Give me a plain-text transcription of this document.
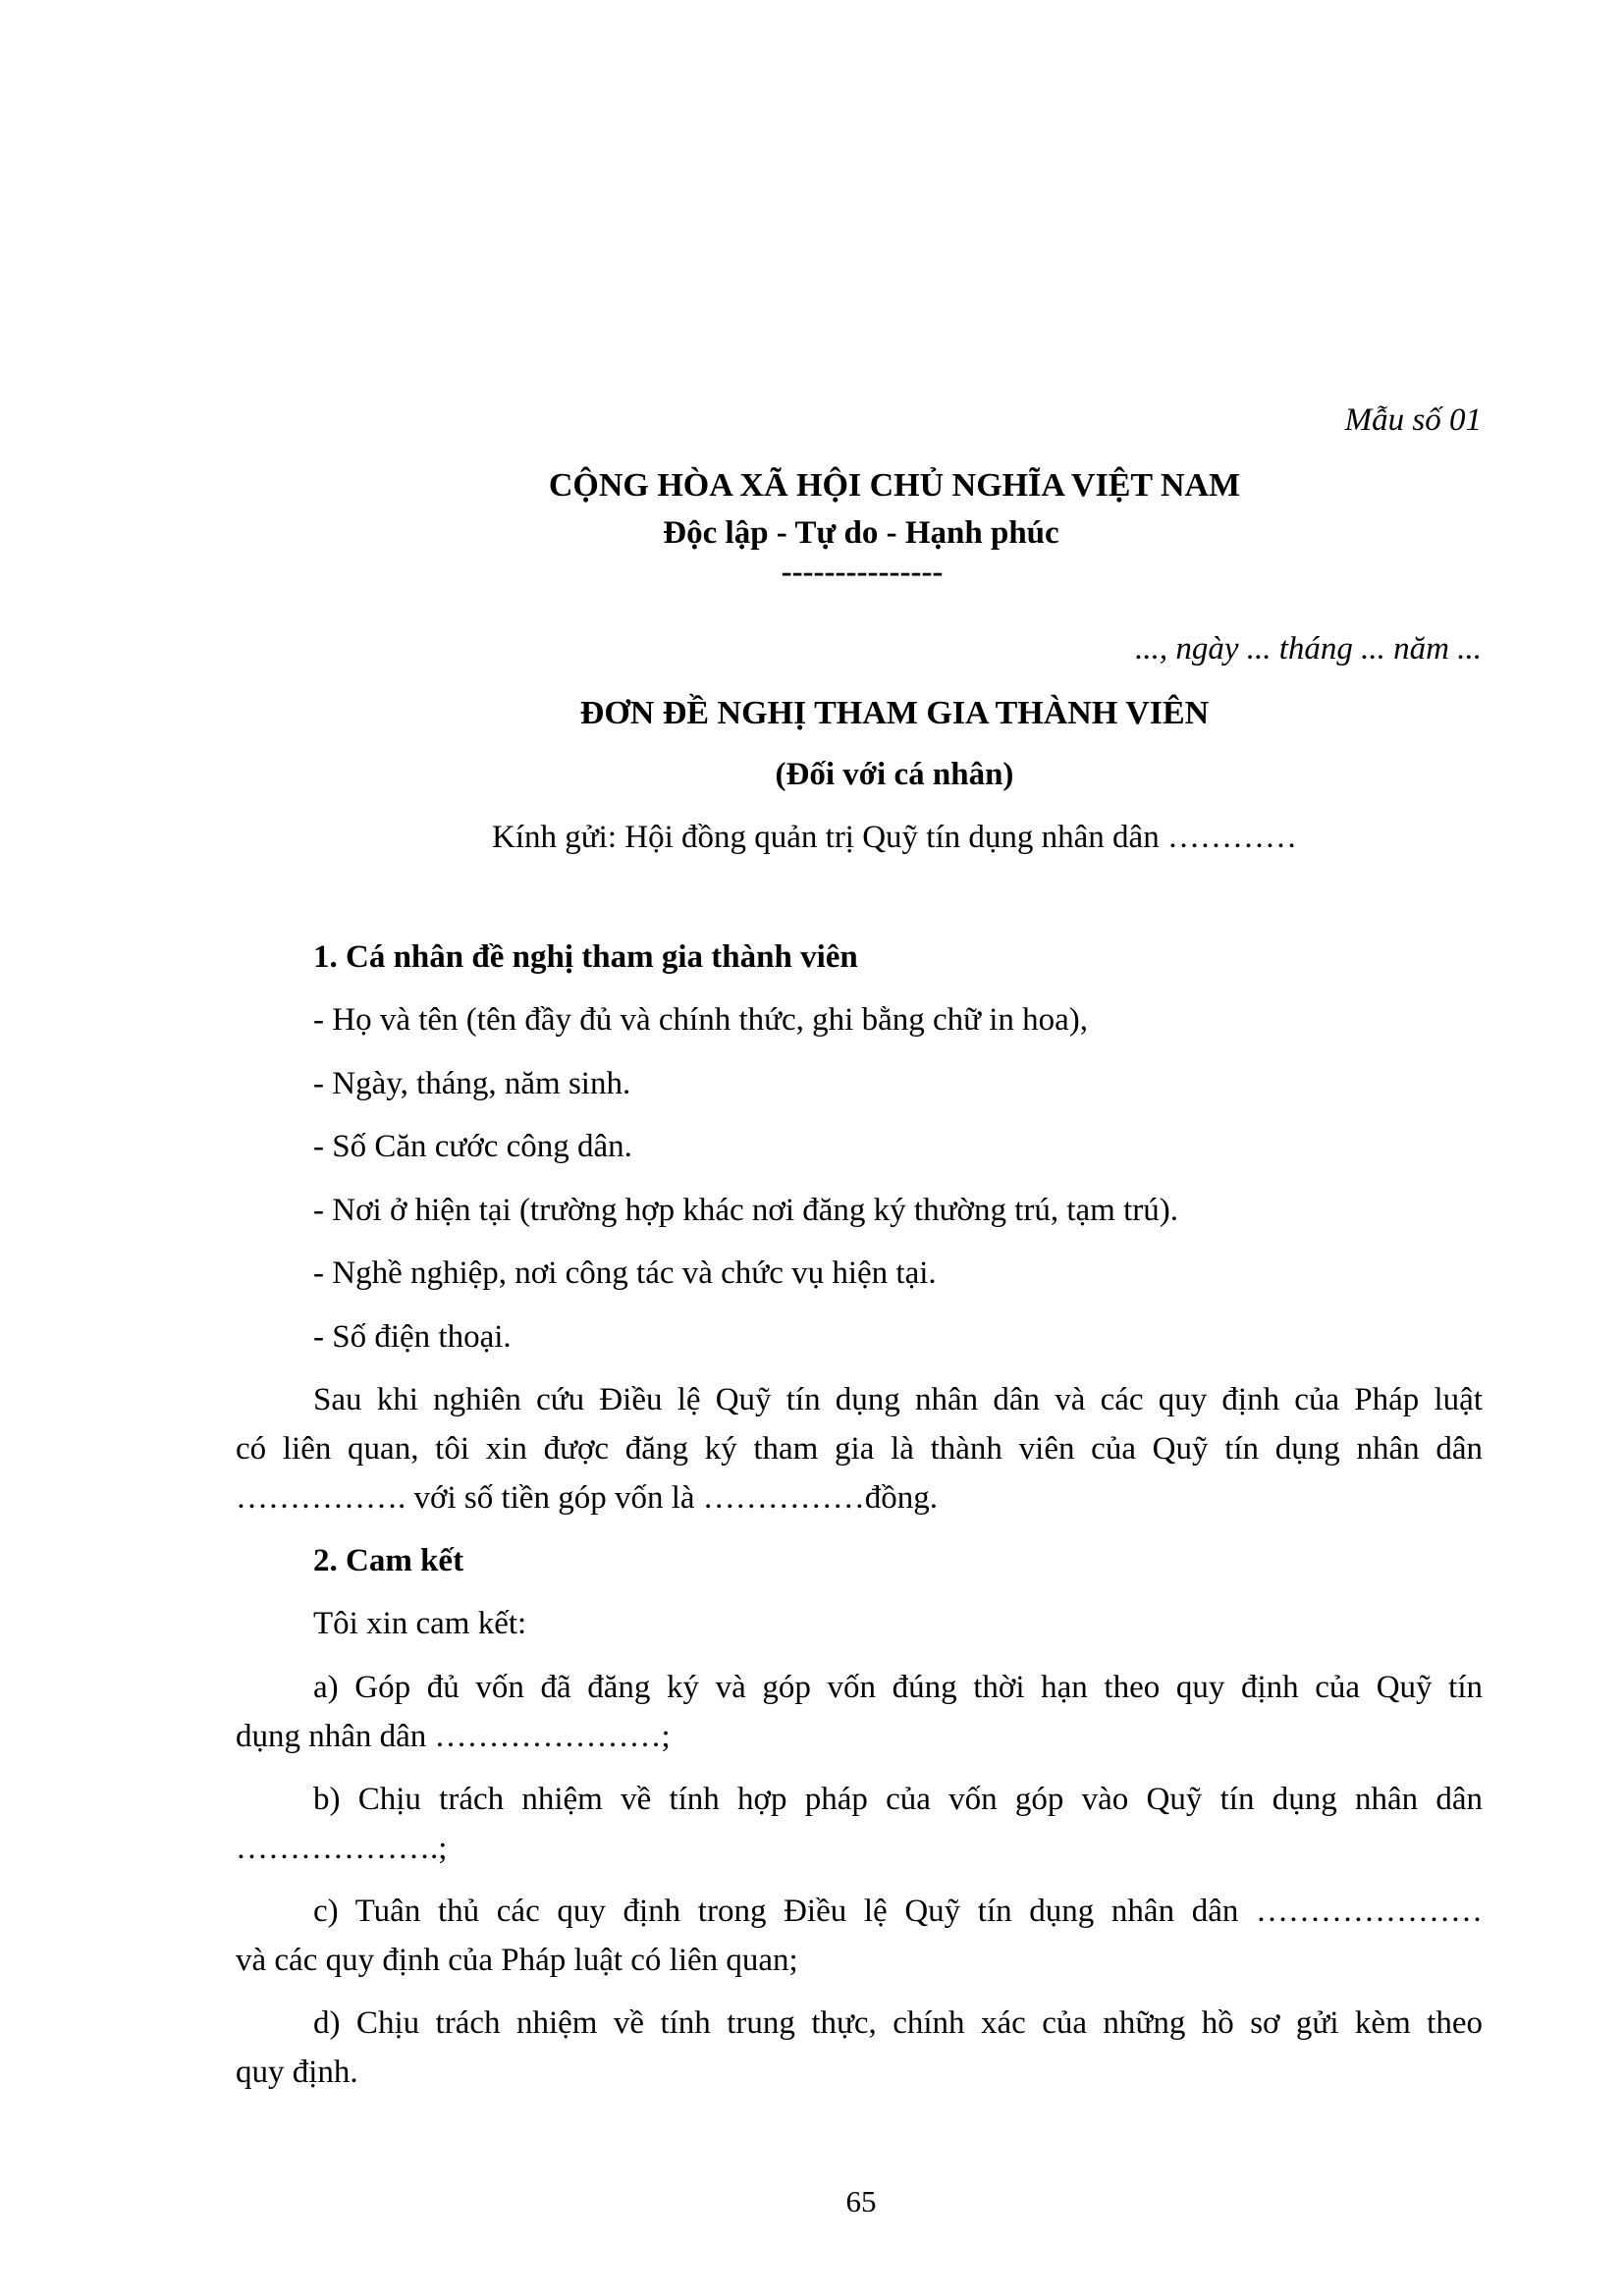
Mẫu số 01
CỘNG HÒA XÃ HỘI CHỦ NGHĨA VIỆT NAM
Độc lập - Tự do - Hạnh phúc
---------------
..., ngày ... tháng ... năm ...
ĐƠN ĐỀ NGHỊ THAM GIA THÀNH VIÊN
(Đối với cá nhân)
Kính gửi: Hội đồng quản trị Quỹ tín dụng nhân dân …………
1. Cá nhân đề nghị tham gia thành viên
- Họ và tên (tên đầy đủ và chính thức, ghi bằng chữ in hoa),
- Ngày, tháng, năm sinh.
- Số Căn cước công dân.
- Nơi ở hiện tại (trường hợp khác nơi đăng ký thường trú, tạm trú).
- Nghề nghiệp, nơi công tác và chức vụ hiện tại.
- Số điện thoại.
Sau khi nghiên cứu Điều lệ Quỹ tín dụng nhân dân và các quy định của Pháp luật
có liên quan, tôi xin được đăng ký tham gia là thành viên của Quỹ tín dụng nhân dân
……………. với số tiền góp vốn là ……………đồng.
2. Cam kết
Tôi xin cam kết:
a) Góp đủ vốn đã đăng ký và góp vốn đúng thời hạn theo quy định của Quỹ tín
dụng nhân dân …………………;
b) Chịu trách nhiệm về tính hợp pháp của vốn góp vào Quỹ tín dụng nhân dân
……………….;
c) Tuân thủ các quy định trong Điều lệ Quỹ tín dụng nhân dân …………………
và các quy định của Pháp luật có liên quan;
d) Chịu trách nhiệm về tính trung thực, chính xác của những hồ sơ gửi kèm theo
quy định.
65
